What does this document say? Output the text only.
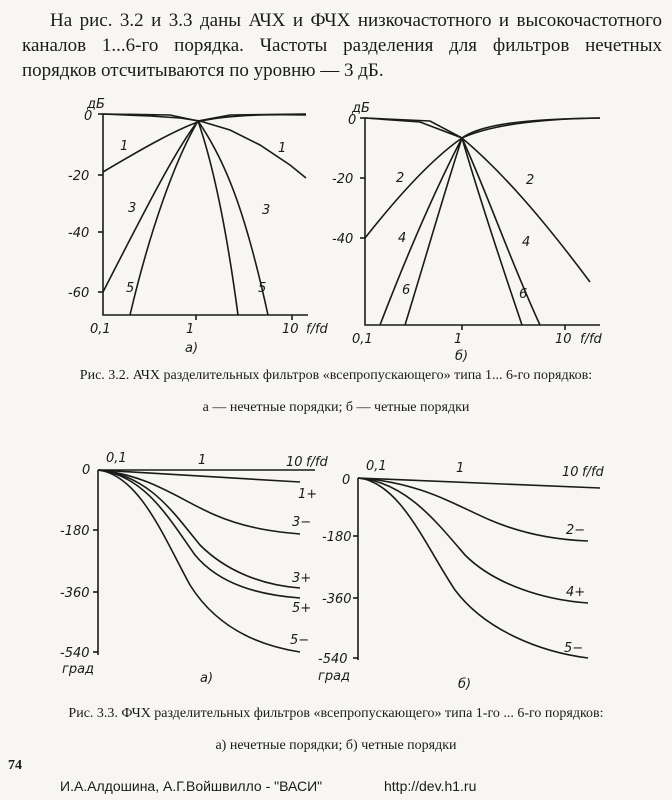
На рис. 3.2 и 3.3 даны АЧХ и ФЧХ низкочастотного и высокочастотного каналов 1...6-го порядка. Частоты разделения для фильтров нечетных порядков отсчитываются по уровню — 3 дБ.
0
-20
-40
-60
дБ
0,1	1	10 f/fd
а)
1	1
3	3
5	5
0
-20
-40
дБ
0,1	1	10 f/fd
б)
2	2
4	4
6	6
0
-180
-360
-540
град
0,1	1	10 f/fd
а)
1+
3−
3+
5+
5−
0
-180
-360
-540
град
0,1	1	10 f/fd
б)
2−
4+
5−
Рис. 3.2. АЧХ разделительных фильтров «всепропускающего» типа 1... 6-го порядков:
а — нечетные порядки; б — четные порядки
Рис. 3.3. ФЧХ разделительных фильтров «всепропускающего» типа 1-го ... 6-го порядков:
а) нечетные порядки; б) четные порядки
74
И.А.Алдошина, А.Г.Войшвилло - "ВАСИ"	http://dev.h1.ru
